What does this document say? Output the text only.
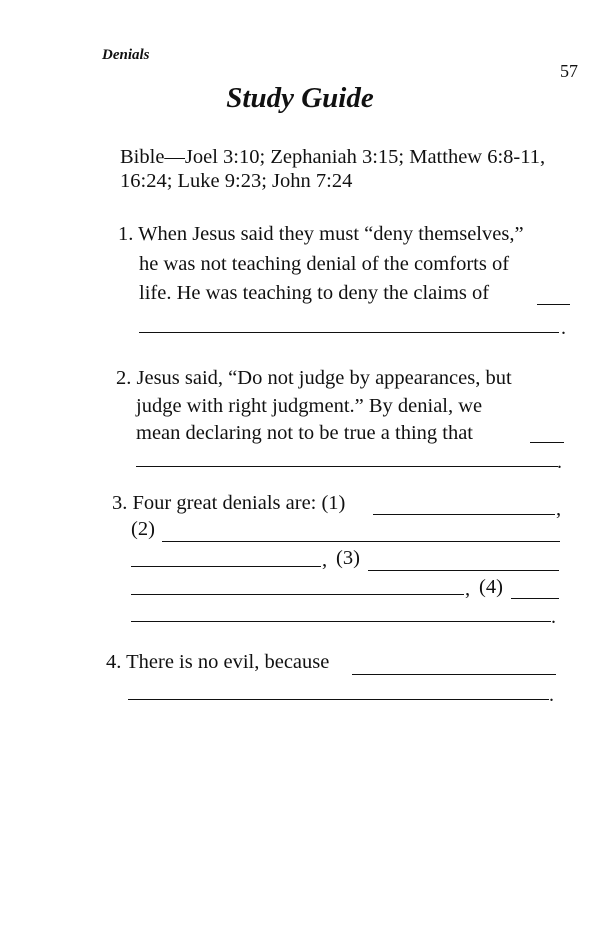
Denials
57
Study Guide
Bible—Joel 3:10; Zephaniah 3:15; Matthew 6:8-11, 16:24; Luke 9:23; John 7:24
1. When Jesus said they must “deny themselves,”
he was not teaching denial of the comforts of
life. He was teaching to deny the claims of
.
2. Jesus said, “Do not judge by appearances, but
judge with right judgment.” By denial, we
mean declaring not to be true a thing that
.
3. Four great denials are: (1)	,
(2)
, (3)
, (4)
.
4. There is no evil, because
.
